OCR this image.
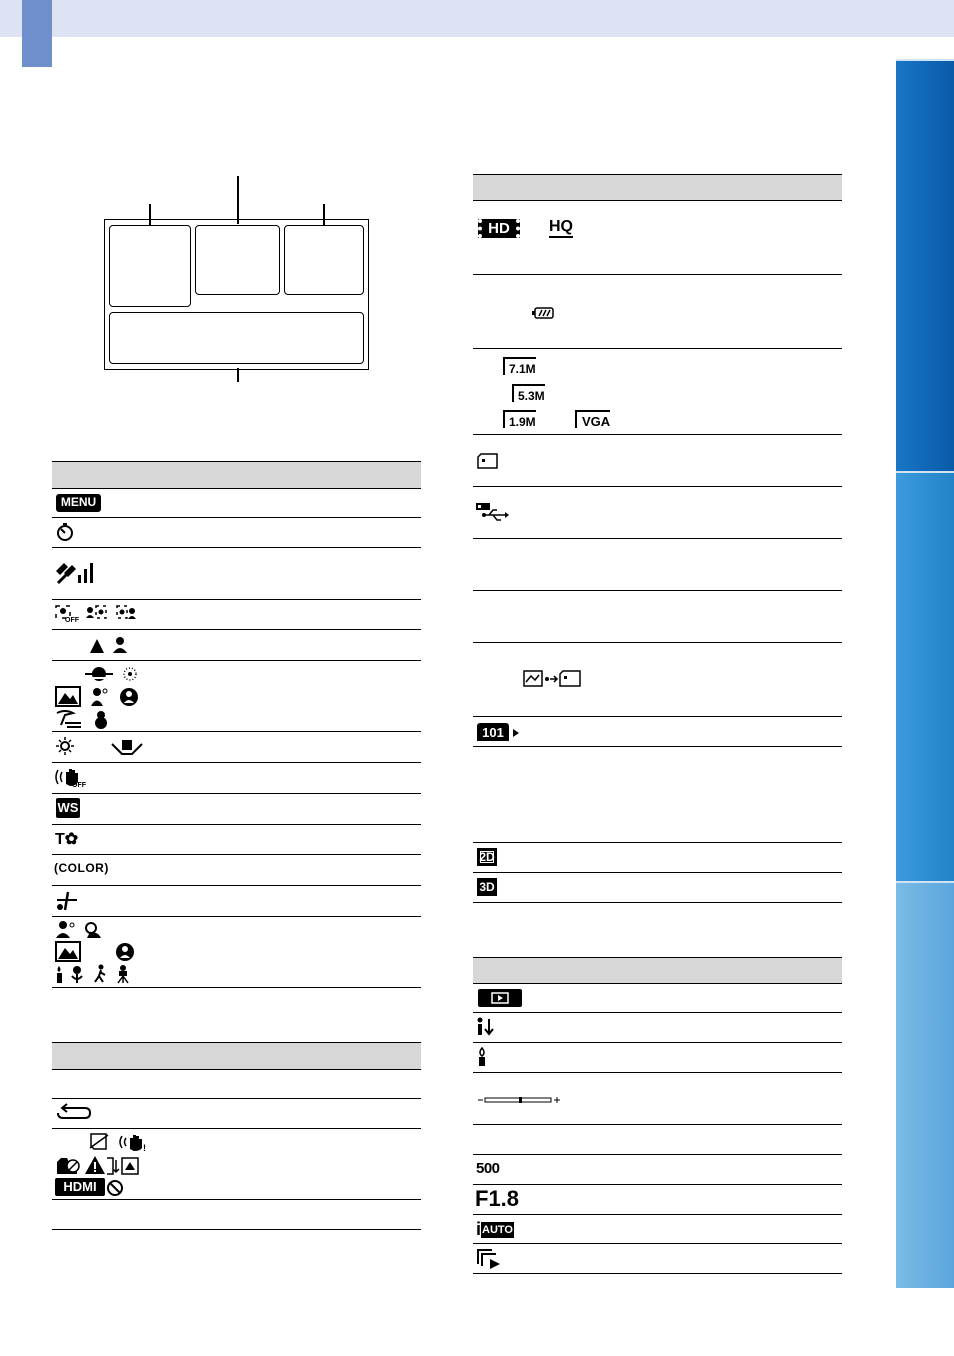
MENU
OFF
OFF
WS
T✿
(COLOR)
!
HDMI
HD	HQ
7.1M
5.3M
1.9M	VGA
101
2D
3D
500
F1.8
iAUTO
